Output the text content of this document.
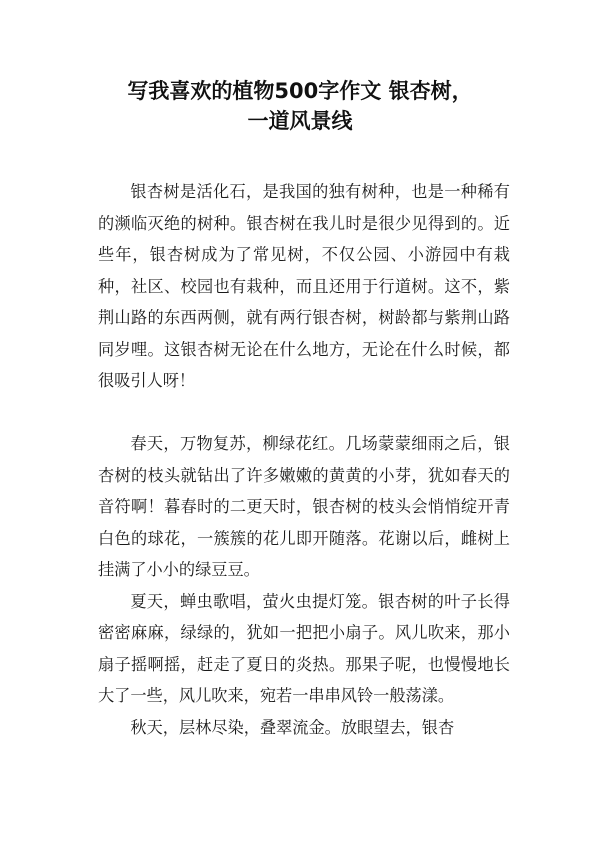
写我喜欢的植物500字作文 银杏树，
一道风景线

银杏树是活化石，是我国的独有树种，也是一种稀有的濒临灭绝的树种。银杏树在我儿时是很少见得到的。近些年，银杏树成为了常见树，不仅公园、小游园中有栽种，社区、校园也有栽种，而且还用于行道树。这不，紫荆山路的东西两侧，就有两行银杏树，树龄都与紫荆山路同岁哩。这银杏树无论在什么地方，无论在什么时候，都很吸引人呀！

春天，万物复苏，柳绿花红。几场蒙蒙细雨之后，银杏树的枝头就钻出了许多嫩嫩的黄黄的小芽，犹如春天的音符啊！暮春时的二更天时，银杏树的枝头会悄悄绽开青白色的球花，一簇簇的花儿即开随落。花谢以后，雌树上挂满了小小的绿豆豆。

夏天，蝉虫歌唱，萤火虫提灯笼。银杏树的叶子长得密密麻麻，绿绿的，犹如一把把小扇子。风儿吹来，那小扇子摇啊摇，赶走了夏日的炎热。那果子呢，也慢慢地长大了一些，风儿吹来，宛若一串串风铃一般荡漾。

秋天，层林尽染，叠翠流金。放眼望去，银杏
